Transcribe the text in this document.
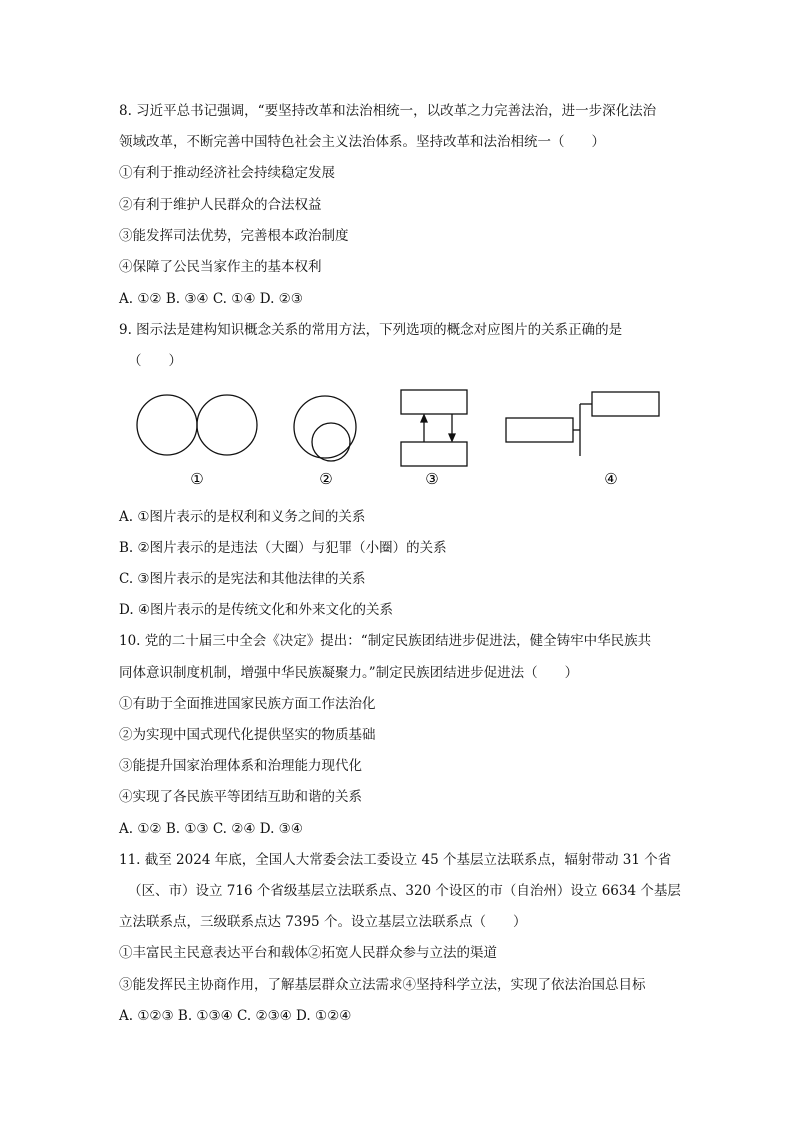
8. 习近平总书记强调，“要坚持改革和法治相统一，以改革之力完善法治，进一步深化法治
领域改革，不断完善中国特色社会主义法治体系。坚持改革和法治相统一（　　）
①有利于推动经济社会持续稳定发展
②有利于维护人民群众的合法权益
③能发挥司法优势，完善根本政治制度
④保障了公民当家作主的基本权利
A. ①② B. ③④ C. ①④ D. ②③
9. 图示法是建构知识概念关系的常用方法，下列选项的概念对应图片的关系正确的是
（　　）
①	②	③	④
A. ①图片表示的是权利和义务之间的关系
B. ②图片表示的是违法（大圈）与犯罪（小圈）的关系
C. ③图片表示的是宪法和其他法律的关系
D. ④图片表示的是传统文化和外来文化的关系
10. 党的二十届三中全会《决定》提出：“制定民族团结进步促进法，健全铸牢中华民族共
同体意识制度机制，增强中华民族凝聚力。”制定民族团结进步促进法（　　）
①有助于全面推进国家民族方面工作法治化
②为实现中国式现代化提供坚实的物质基础
③能提升国家治理体系和治理能力现代化
④实现了各民族平等团结互助和谐的关系
A. ①② B. ①③ C. ②④ D. ③④
11. 截至 2024 年底，全国人大常委会法工委设立 45 个基层立法联系点，辐射带动 31 个省
（区、市）设立 716 个省级基层立法联系点、320 个设区的市（自治州）设立 6634 个基层
立法联系点，三级联系点达 7395 个。设立基层立法联系点（　　）
①丰富民主民意表达平台和载体②拓宽人民群众参与立法的渠道
③能发挥民主协商作用，了解基层群众立法需求④坚持科学立法，实现了依法治国总目标
A. ①②③ B. ①③④ C. ②③④ D. ①②④
